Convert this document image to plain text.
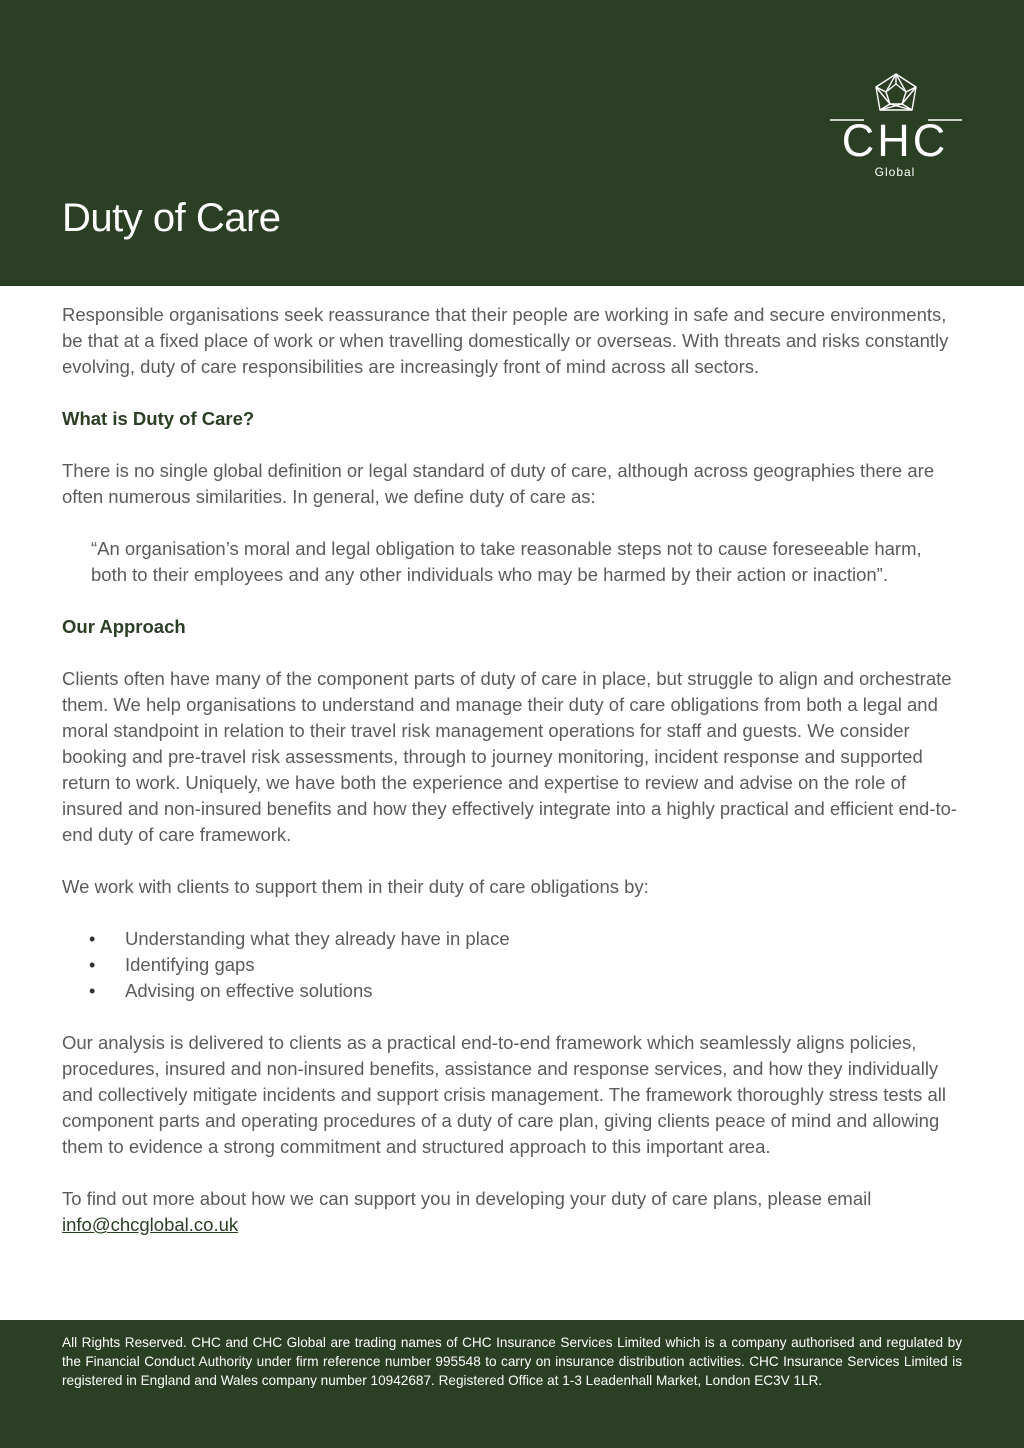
Duty of Care
CHC
Global

Responsible organisations seek reassurance that their people are working in safe and secure environments, be that at a fixed place of work or when travelling domestically or overseas. With threats and risks constantly evolving, duty of care responsibilities are increasingly front of mind across all sectors.

What is Duty of Care?

There is no single global definition or legal standard of duty of care, although across geographies there are often numerous similarities. In general, we define duty of care as:

“An organisation’s moral and legal obligation to take reasonable steps not to cause foreseeable harm, both to their employees and any other individuals who may be harmed by their action or inaction”.

Our Approach

Clients often have many of the component parts of duty of care in place, but struggle to align and orchestrate them. We help organisations to understand and manage their duty of care obligations from both a legal and moral standpoint in relation to their travel risk management operations for staff and guests. We consider booking and pre-travel risk assessments, through to journey monitoring, incident response and supported return to work. Uniquely, we have both the experience and expertise to review and advise on the role of insured and non-insured benefits and how they effectively integrate into a highly practical and efficient end-to-end duty of care framework.

We work with clients to support them in their duty of care obligations by:

• Understanding what they already have in place
• Identifying gaps
• Advising on effective solutions

Our analysis is delivered to clients as a practical end-to-end framework which seamlessly aligns policies, procedures, insured and non-insured benefits, assistance and response services, and how they individually and collectively mitigate incidents and support crisis management. The framework thoroughly stress tests all component parts and operating procedures of a duty of care plan, giving clients peace of mind and allowing them to evidence a strong commitment and structured approach to this important area.

To find out more about how we can support you in developing your duty of care plans, please email info@chcglobal.co.uk

All Rights Reserved. CHC and CHC Global are trading names of CHC Insurance Services Limited which is a company authorised and regulated by the Financial Conduct Authority under firm reference number 995548 to carry on insurance distribution activities. CHC Insurance Services Limited is registered in England and Wales company number 10942687. Registered Office at 1-3 Leadenhall Market, London EC3V 1LR.
